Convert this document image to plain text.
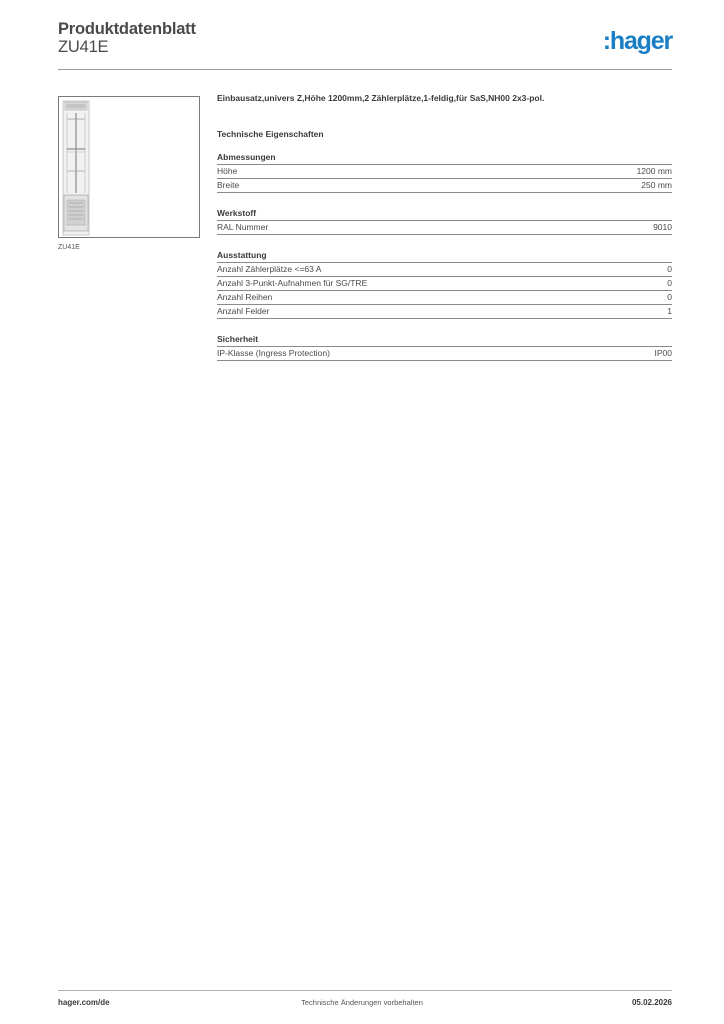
Produktdatenblatt
ZU41E	:hager
ZU41E

Einbausatz,univers Z,Höhe 1200mm,2 Zählerplätze,1-feldig,für SaS,NH00 2x3-pol.

Technische Eigenschaften
Abmessungen
Höhe	1200 mm
Breite	250 mm
Werkstoff
RAL Nummer	9010
Ausstattung
Anzahl Zählerplätze <=63 A	0
Anzahl 3-Punkt-Aufnahmen für SG/TRE	0
Anzahl Reihen	0
Anzahl Felder	1
Sicherheit
IP-Klasse (Ingress Protection)	IP00
hager.com/de	Technische Änderungen vorbehalten	05.02.2026
